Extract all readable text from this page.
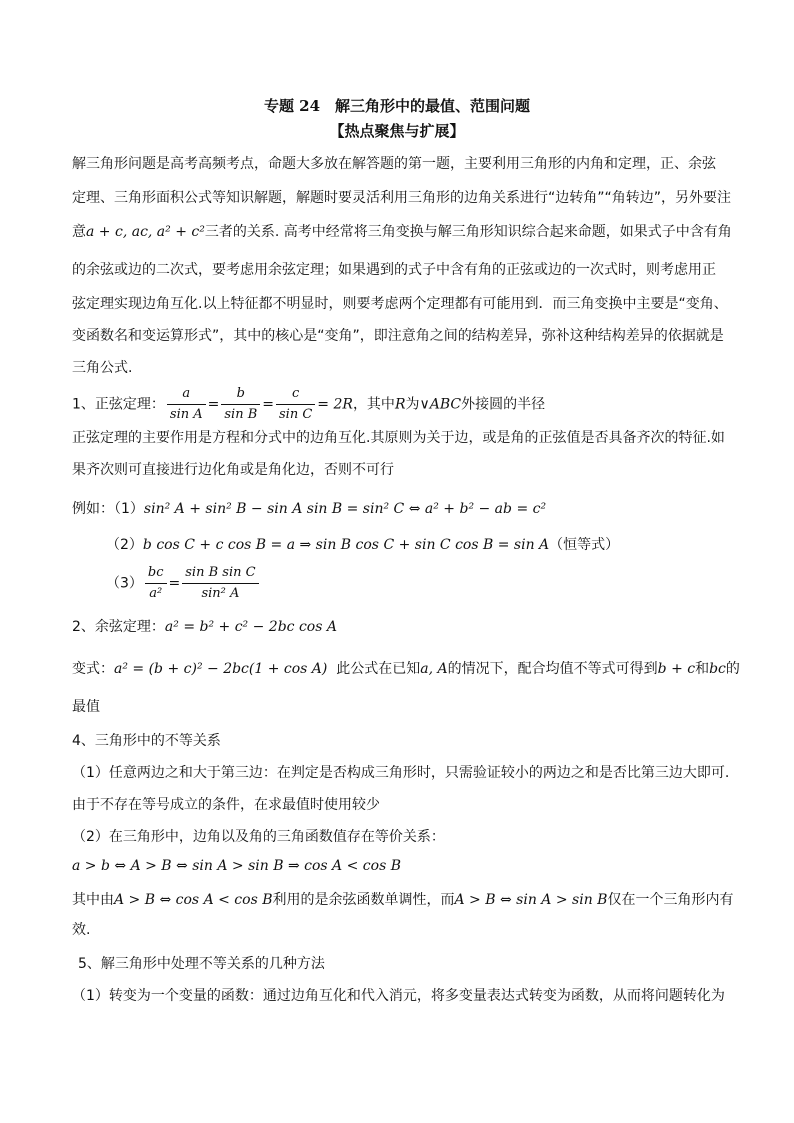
专题 24　解三角形中的最值、范围问题
【热点聚焦与扩展】
解三角形问题是高考高频考点，命题大多放在解答题的第一题，主要利用三角形的内角和定理，正、余弦
定理、三角形面积公式等知识解题，解题时要灵活利用三角形的边角关系进行“边转角”“角转边”，另外要注
意a + c, ac, a² + c²三者的关系. 高考中经常将三角变换与解三角形知识综合起来命题，如果式子中含有角
的余弦或边的二次式，要考虑用余弦定理；如果遇到的式子中含有角的正弦或边的一次式时，则考虑用正
弦定理实现边角互化.以上特征都不明显时，则要考虑两个定理都有可能用到．而三角变换中主要是“变角、
变函数名和变运算形式”，其中的核心是“变角”，即注意角之间的结构差异，弥补这种结构差异的依据就是
三角公式.
1、正弦定理： $\frac{a}{\text{sin A}} = \frac{b}{\text{sin B}} = \frac{c}{\text{sin C}} = 2R$，其中R为∨ABC外接圆的半径
正弦定理的主要作用是方程和分式中的边角互化.其原则为关于边，或是角的正弦值是否具备齐次的特征.如
果齐次则可直接进行边化角或是角化边，否则不可行
例如：（1）sin² A + sin² B − sin A sin B = sin² C ⇔ a² + b² − ab = c²
（2）b cos C + c cos B = a ⇒ sin B cos C + sin C cos B = sin A（恒等式）
$(3) \frac{bc}{\text{a²}} = \frac{\text{sin B sin C}}{\text{sin² A}}$
2、余弦定理：a² = b² + c² − 2bc cos A
变式：a² = (b + c)² − 2bc(1 + cos A) 此公式在已知a, A的情况下，配合均值不等式可得到b + c和bc的
最值
4、三角形中的不等关系
（1）任意两边之和大于第三边：在判定是否构成三角形时，只需验证较小的两边之和是否比第三边大即可.
由于不存在等号成立的条件，在求最值时使用较少
（2）在三角形中，边角以及角的三角函数值存在等价关系：
a > b ⇔ A > B ⇔ sin A > sin B ⇒ cos A < cos B
其中由A > B ⇔ cos A < cos B利用的是余弦函数单调性，而A > B ⇔ sin A > sin B仅在一个三角形内有
效.
5、解三角形中处理不等关系的几种方法
（1）转变为一个变量的函数：通过边角互化和代入消元，将多变量表达式转变为函数，从而将问题转化为
